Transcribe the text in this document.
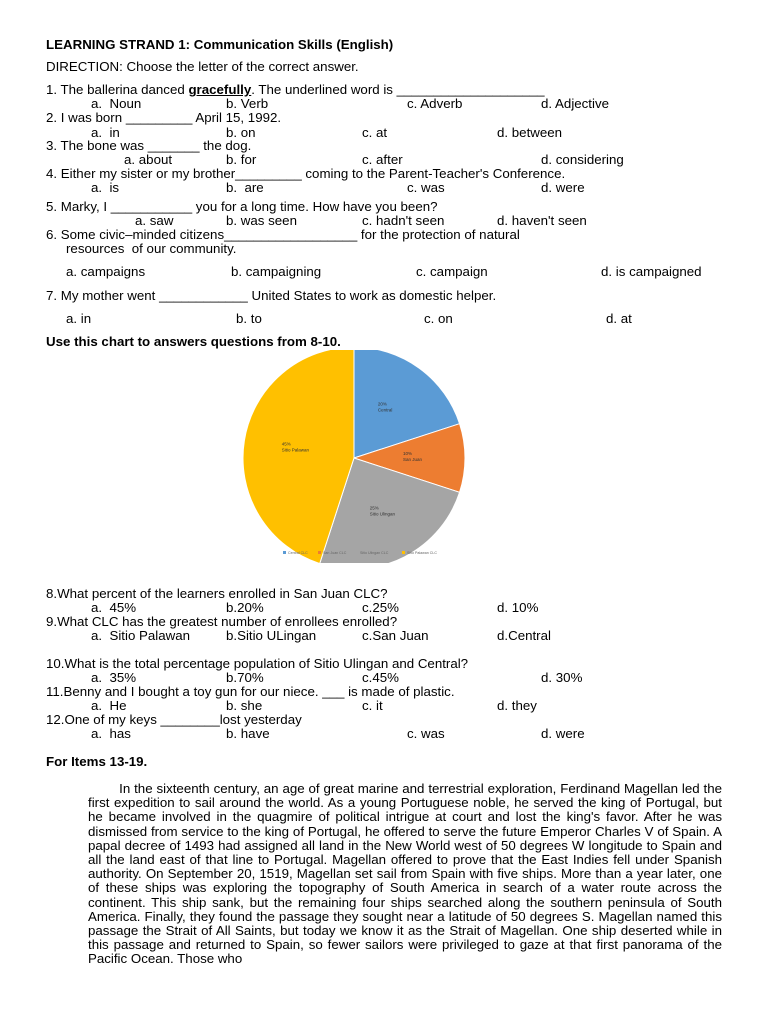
LEARNING STRAND 1: Communication Skills (English)
DIRECTION: Choose the letter of the correct answer.
1. The ballerina danced gracefully. The underlined word is ____________________
a.  Noun	b. Verb	c. Adverb	d. Adjective
2. I was born _________ April 15, 1992.
a.  in	b. on	c. at	d. between
3. The bone was _______ the dog.
a. about	b. for	c. after	d. considering
4. Either my sister or my brother_________ coming to the Parent-Teacher's Conference.
a.  is	b.  are	c. was	d. were
5. Marky, I ___________ you for a long time. How have you been?
a. saw	b. was seen	c. hadn't seen	d. haven't seen
6. Some civic–minded citizens__________________ for the protection of natural
resources  of our community.
a. campaigns	b. campaigning	c. campaign	d. is campaigned
7. My mother went ____________ United States to work as domestic helper.
a. in	b. to	c. on	d. at
Use this chart to answers questions from 8-10.
20%
Central
10%
San Juan
25%
Sitio Ulingan
45%
Sitio Palawan
Central CLC	San Juan CLC	Sitio Ulingan CLC	Sitio Palawan CLC
8.What percent of the learners enrolled in San Juan CLC?
a.  45%	b.20%	c.25%	d. 10%
9.What CLC has the greatest number of enrollees enrolled?
a.  Sitio Palawan	b.Sitio ULingan	c.San Juan	d.Central
10.What is the total percentage population of Sitio Ulingan and Central?
a.  35%	b.70%	c.45%	d. 30%
11.Benny and I bought a toy gun for our niece. ___ is made of plastic.
a.  He	b. she	c. it	d. they
12.One of my keys ________lost yesterday
a.  has	b. have	c. was	d. were
For Items 13-19.
In the sixteenth century, an age of great marine and terrestrial exploration, Ferdinand Magellan led the first expedition to sail around the world. As a young Portuguese noble, he served the king of Portugal, but he became involved in the quagmire of political intrigue at court and lost the king's favor. After he was dismissed from service to the king of Portugal, he offered to serve the future Emperor Charles V of Spain. A papal decree of 1493 had assigned all land in the New World west of 50 degrees W longitude to Spain and all the land east of that line to Portugal. Magellan offered to prove that the East Indies fell under Spanish authority. On September 20, 1519, Magellan set sail from Spain with five ships. More than a year later, one of these ships was exploring the topography of South America in search of a water route across the continent. This ship sank, but the remaining four ships searched along the southern peninsula of South America. Finally, they found the passage they sought near a latitude of 50 degrees S. Magellan named this passage the Strait of All Saints, but today we know it as the Strait of Magellan. One ship deserted while in this passage and returned to Spain, so fewer sailors were privileged to gaze at that first panorama of the Pacific Ocean. Those who
